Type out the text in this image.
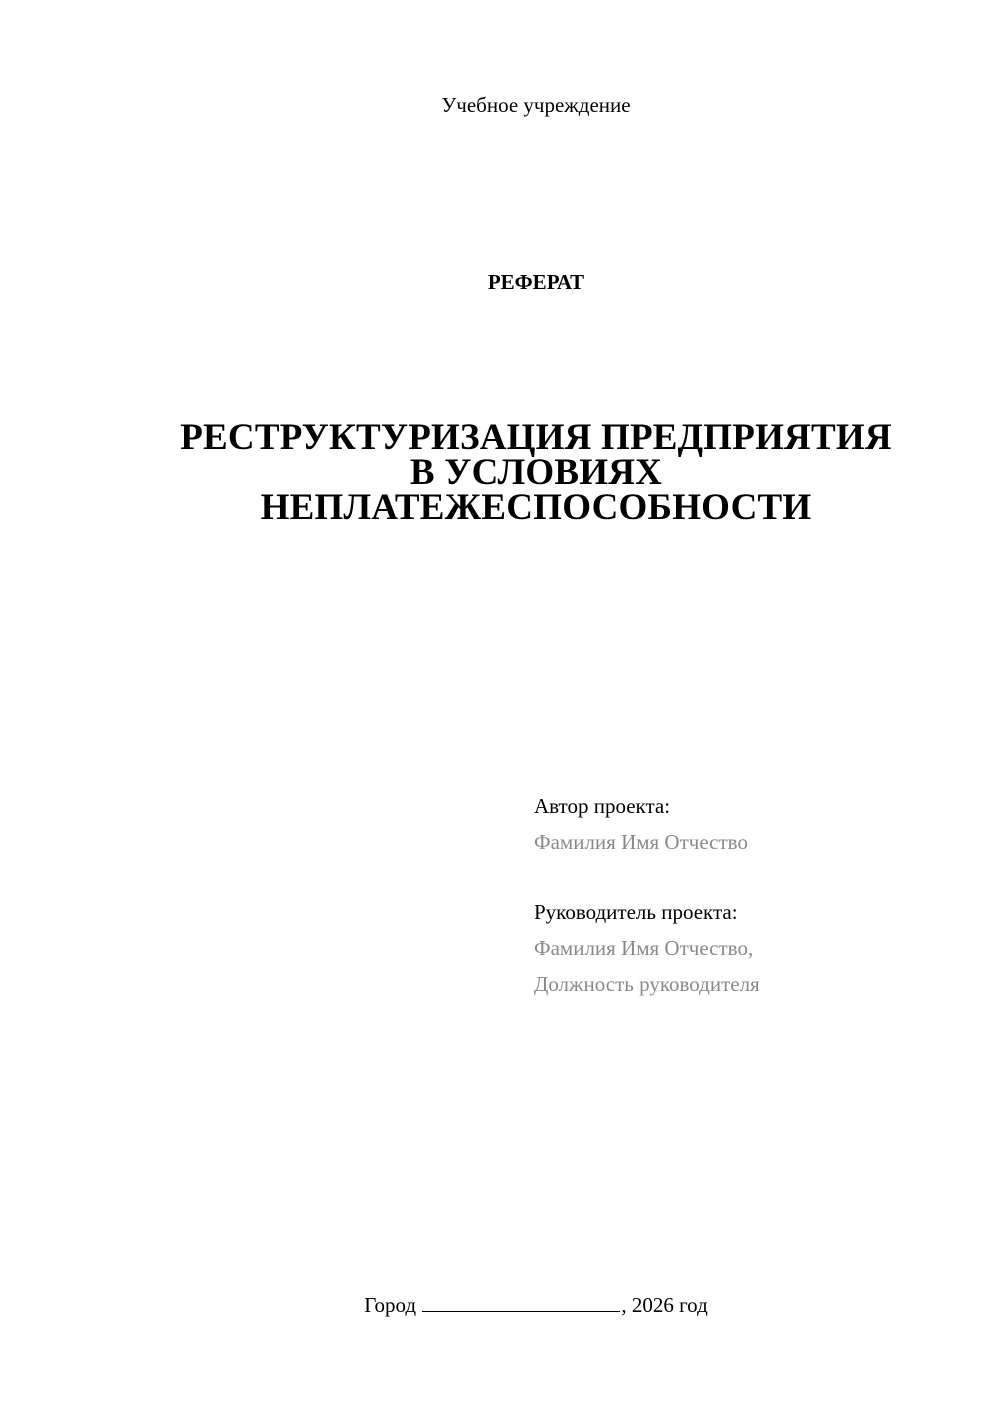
Учебное учреждение
РЕФЕРАТ
РЕСТРУКТУРИЗАЦИЯ ПРЕДПРИЯТИЯ
В УСЛОВИЯХ
НЕПЛАТЕЖЕСПОСОБНОСТИ
Автор проекта:
Фамилия Имя Отчество
Руководитель проекта:
Фамилия Имя Отчество,
Должность руководителя
Город	, 2026 год
